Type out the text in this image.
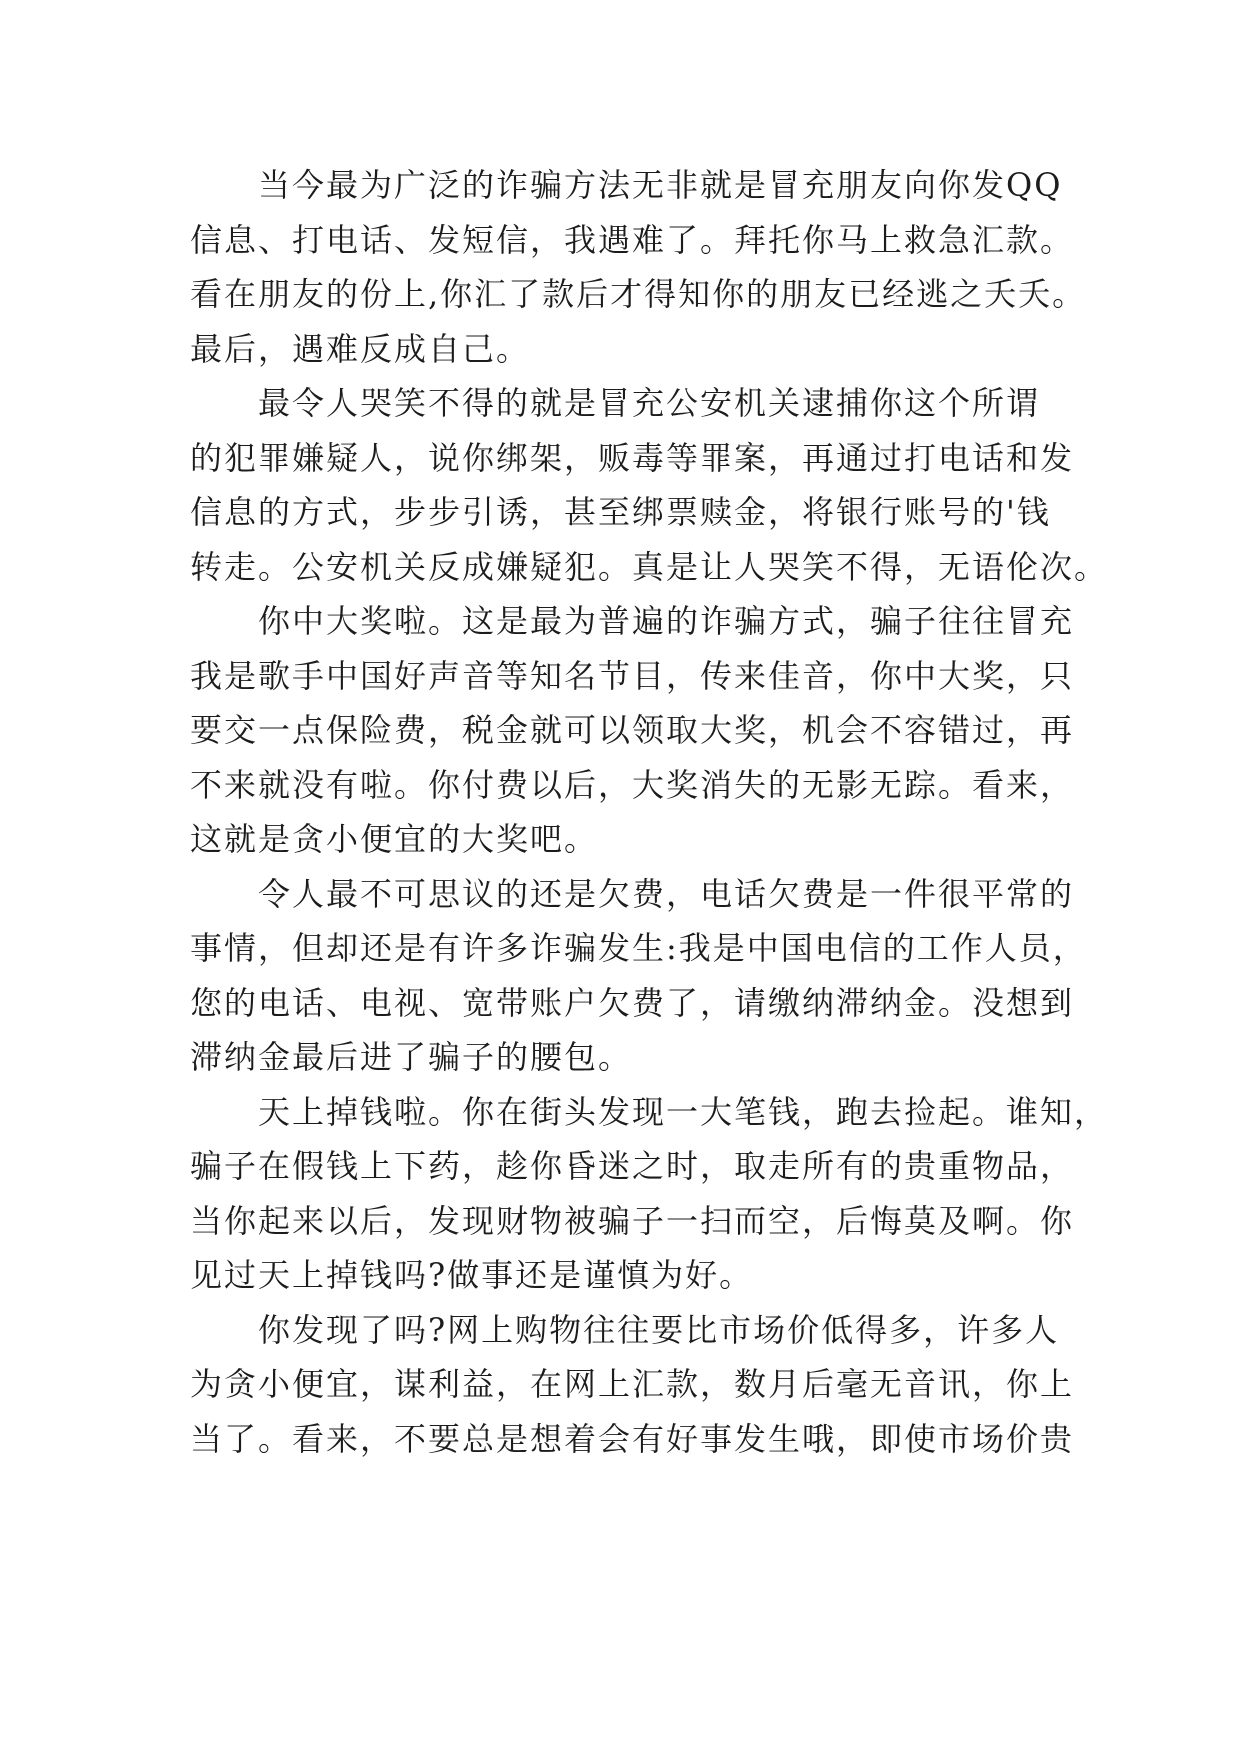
当今最为广泛的诈骗方法无非就是冒充朋友向你发QQ
信息、打电话、发短信，我遇难了。拜托你马上救急汇款。
看在朋友的份上,你汇了款后才得知你的朋友已经逃之夭夭。
最后，遇难反成自己。

最令人哭笑不得的就是冒充公安机关逮捕你这个所谓
的犯罪嫌疑人，说你绑架，贩毒等罪案，再通过打电话和发
信息的方式，步步引诱，甚至绑票赎金，将银行账号的'钱
转走。公安机关反成嫌疑犯。真是让人哭笑不得，无语伦次。

你中大奖啦。这是最为普遍的诈骗方式，骗子往往冒充
我是歌手中国好声音等知名节目，传来佳音，你中大奖，只
要交一点保险费，税金就可以领取大奖，机会不容错过，再
不来就没有啦。你付费以后，大奖消失的无影无踪。看来，
这就是贪小便宜的大奖吧。

令人最不可思议的还是欠费，电话欠费是一件很平常的
事情，但却还是有许多诈骗发生:我是中国电信的工作人员，
您的电话、电视、宽带账户欠费了，请缴纳滞纳金。没想到
滞纳金最后进了骗子的腰包。

天上掉钱啦。你在街头发现一大笔钱，跑去捡起。谁知，
骗子在假钱上下药，趁你昏迷之时，取走所有的贵重物品，
当你起来以后，发现财物被骗子一扫而空，后悔莫及啊。你
见过天上掉钱吗?做事还是谨慎为好。

你发现了吗?网上购物往往要比市场价低得多，许多人
为贪小便宜，谋利益，在网上汇款，数月后毫无音讯，你上
当了。看来，不要总是想着会有好事发生哦，即使市场价贵
